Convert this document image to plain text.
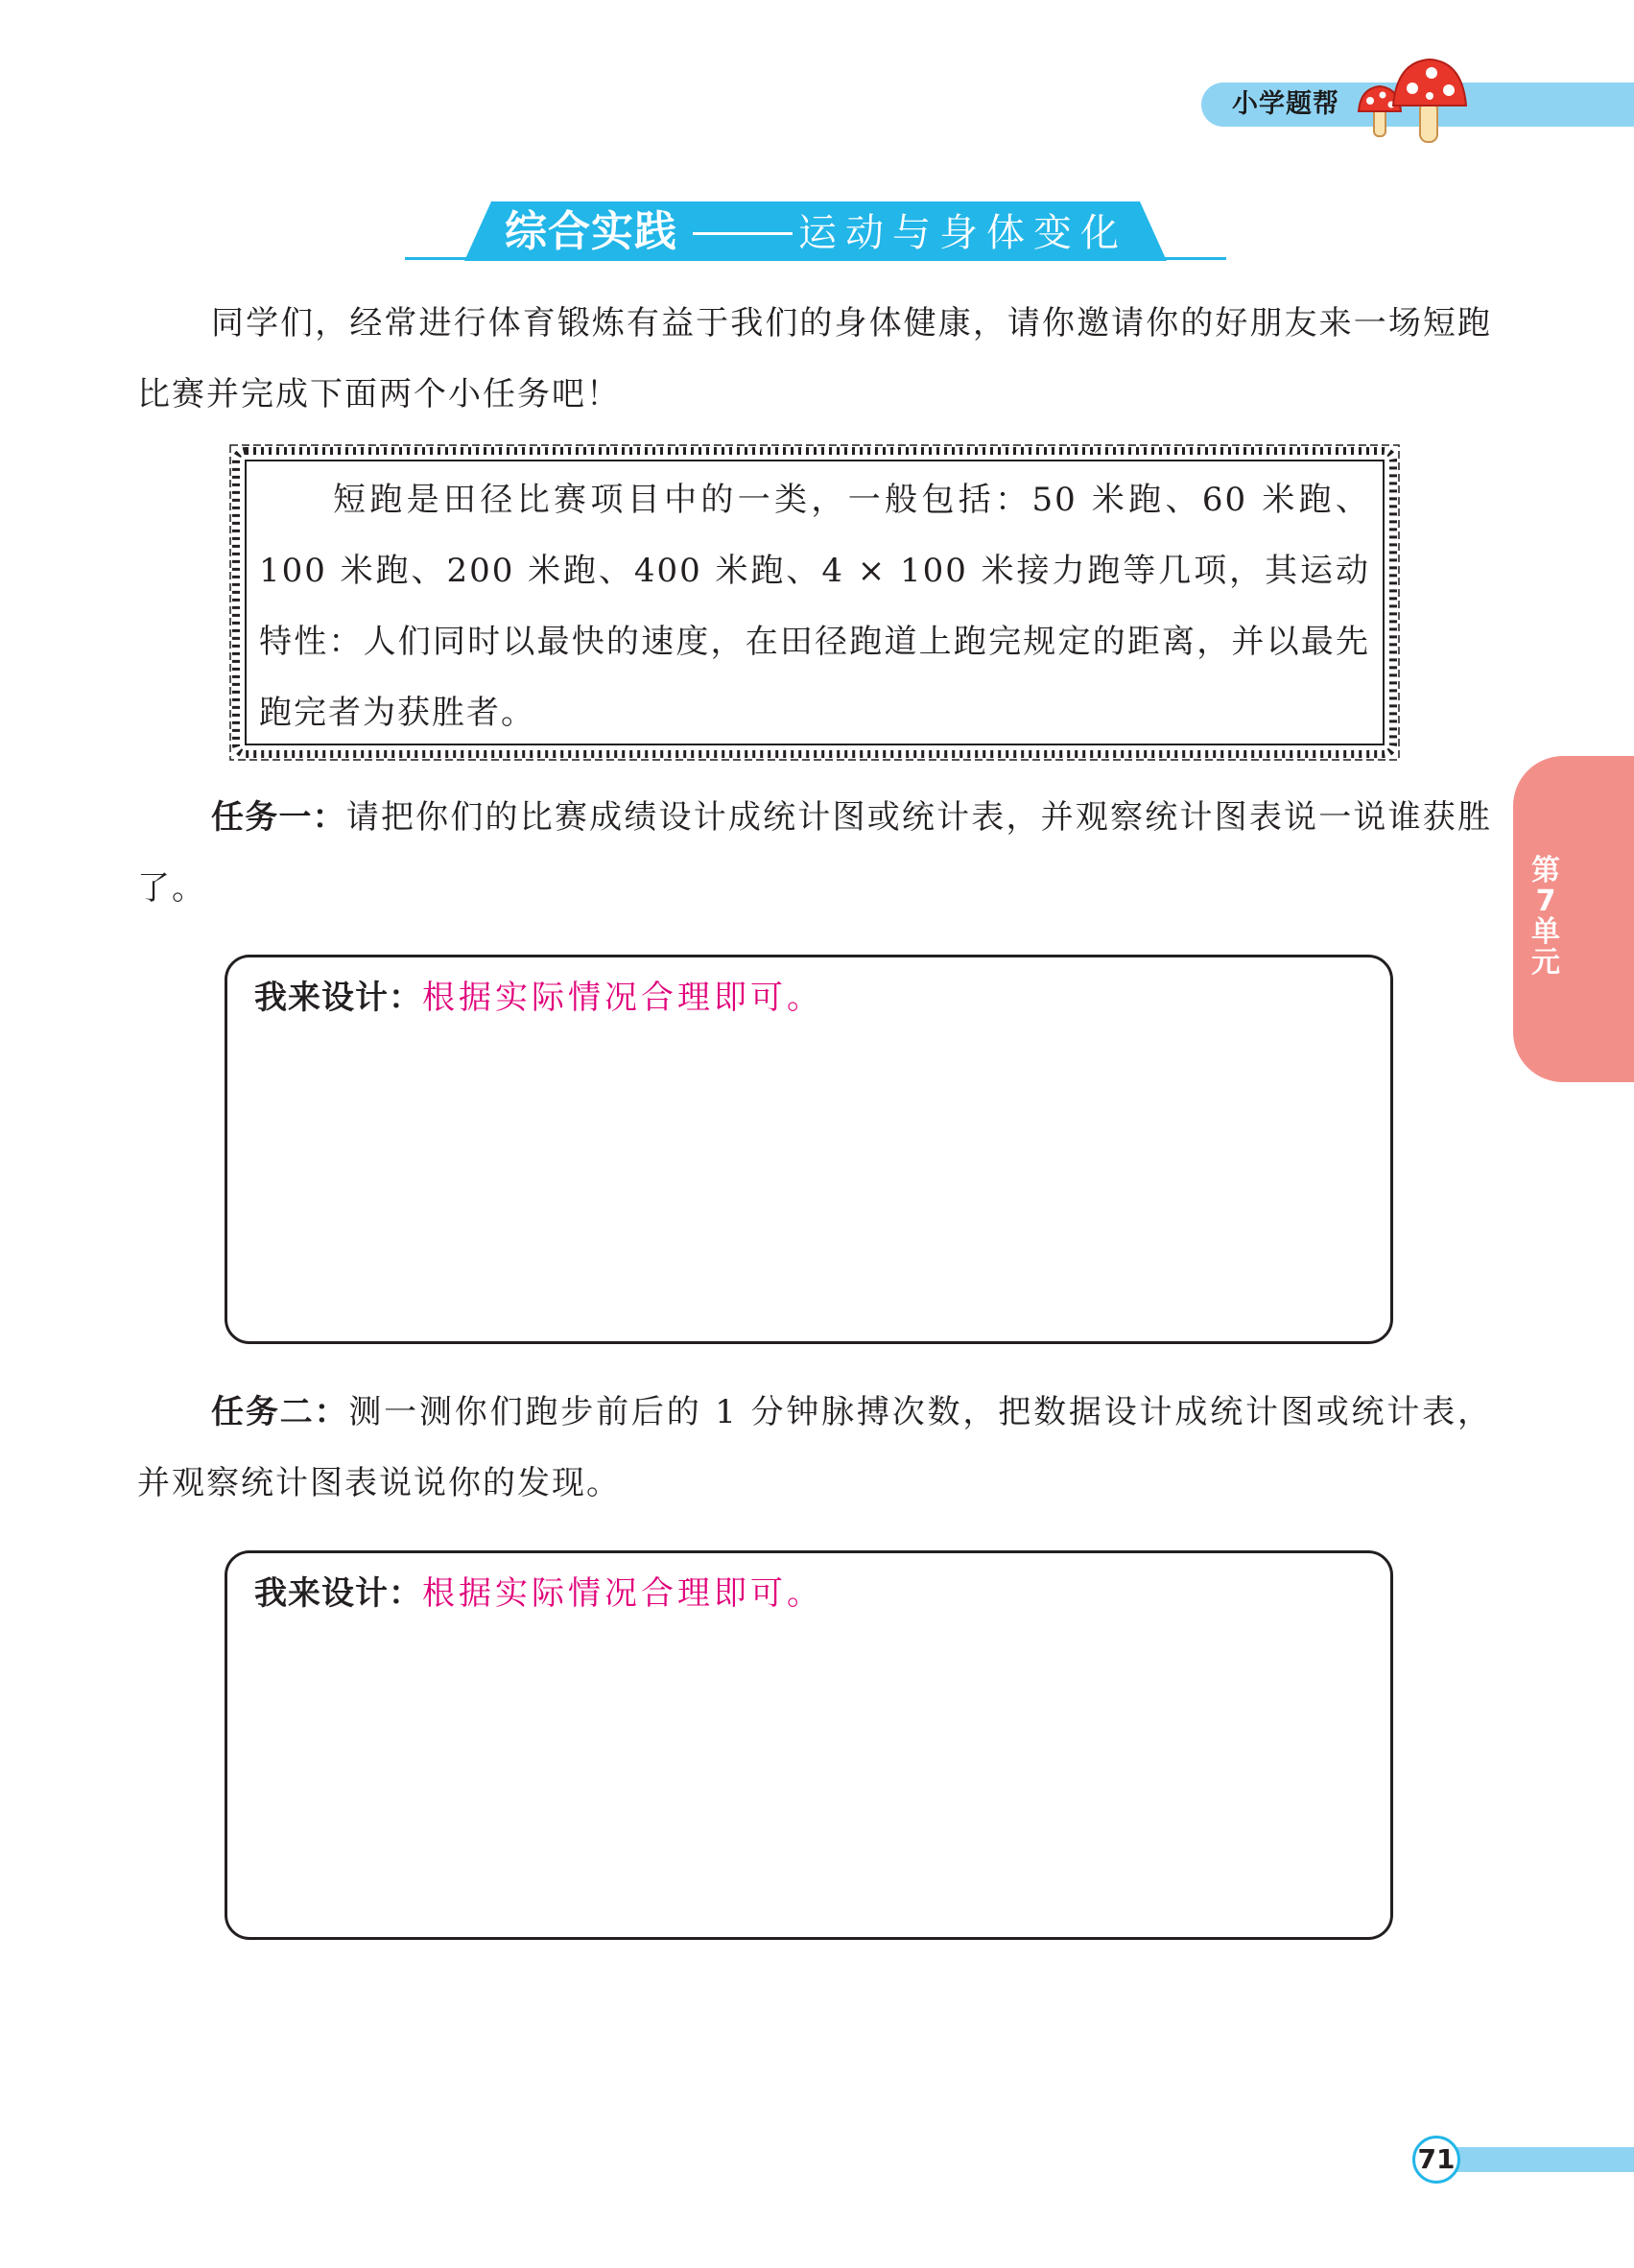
小学题帮
综合实践	运动与身体变化
同学们，经常进行体育锻炼有益于我们的身体健康，请你邀请你的好朋友来一场短跑比赛并完成下面两个小任务吧！
短跑是田径比赛项目中的一类，一般包括：50 米跑、60 米跑、100 米跑、200 米跑、400 米跑、4 × 100 米接力跑等几项，其运动特性：人们同时以最快的速度，在田径跑道上跑完规定的距离，并以最先跑完者为获胜者。
任务一：请把你们的比赛成绩设计成统计图或统计表，并观察统计图表说一说谁获胜了。
我来设计：根据实际情况合理即可。
任务二：测一测你们跑步前后的 1 分钟脉搏次数，把数据设计成统计图或统计表，并观察统计图表说说你的发现。
我来设计：根据实际情况合理即可。
第7单元
71
